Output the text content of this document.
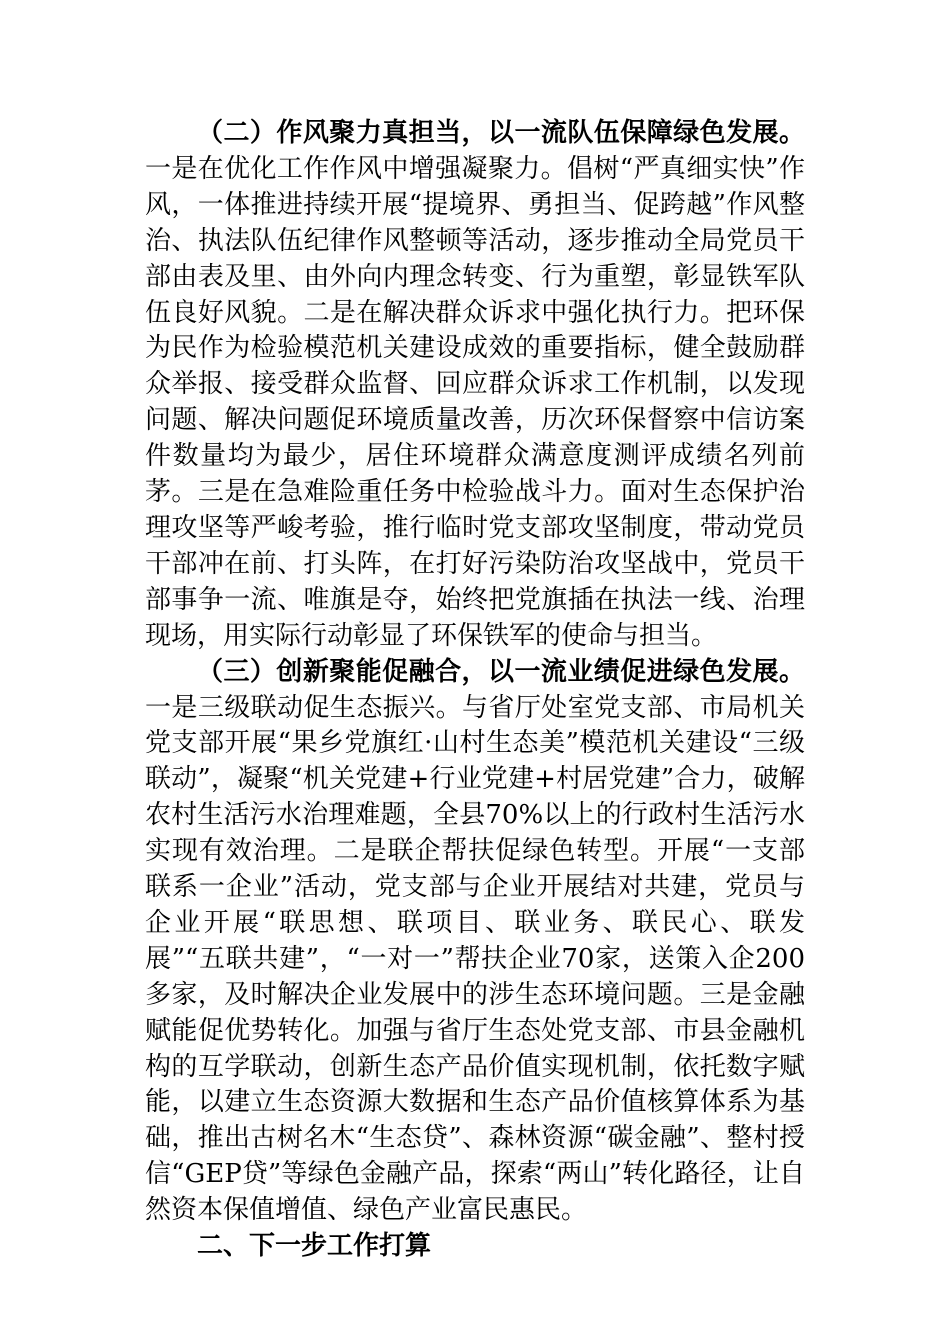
（二）作风聚力真担当，以一流队伍保障绿色发展。一是在优化工作作风中增强凝聚力。倡树“严真细实快”作风，一体推进持续开展“提境界、勇担当、促跨越”作风整治、执法队伍纪律作风整顿等活动，逐步推动全局党员干部由表及里、由外向内理念转变、行为重塑，彰显铁军队伍良好风貌。二是在解决群众诉求中强化执行力。把环保为民作为检验模范机关建设成效的重要指标，健全鼓励群众举报、接受群众监督、回应群众诉求工作机制，以发现问题、解决问题促环境质量改善，历次环保督察中信访案件数量均为最少，居住环境群众满意度测评成绩名列前茅。三是在急难险重任务中检验战斗力。面对生态保护治理攻坚等严峻考验，推行临时党支部攻坚制度，带动党员干部冲在前、打头阵，在打好污染防治攻坚战中，党员干部事争一流、唯旗是夺，始终把党旗插在执法一线、治理现场，用实际行动彰显了环保铁军的使命与担当。

（三）创新聚能促融合，以一流业绩促进绿色发展。一是三级联动促生态振兴。与省厅处室党支部、市局机关党支部开展“果乡党旗红·山村生态美”模范机关建设“三级联动”，凝聚“机关党建+行业党建+村居党建”合力，破解农村生活污水治理难题，全县70%以上的行政村生活污水实现有效治理。二是联企帮扶促绿色转型。开展“一支部联系一企业”活动，党支部与企业开展结对共建，党员与企业开展“联思想、联项目、联业务、联民心、联发展”“五联共建”，“一对一”帮扶企业70家，送策入企200多家，及时解决企业发展中的涉生态环境问题。三是金融赋能促优势转化。加强与省厅生态处党支部、市县金融机构的互学联动，创新生态产品价值实现机制，依托数字赋能，以建立生态资源大数据和生态产品价值核算体系为基础，推出古树名木“生态贷”、森林资源“碳金融”、整村授信“GEP贷”等绿色金融产品，探索“两山”转化路径，让自然资本保值增值、绿色产业富民惠民。

二、下一步工作打算
